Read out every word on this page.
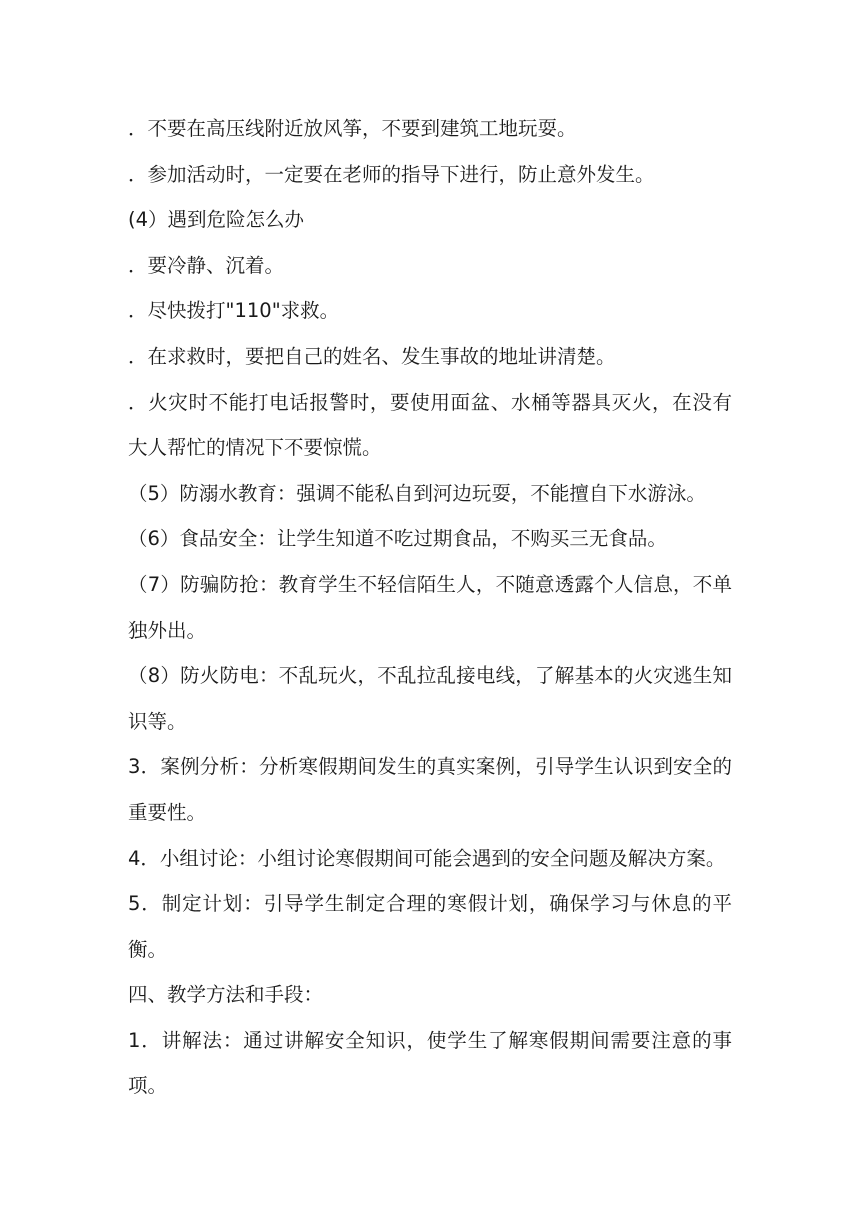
．不要在高压线附近放风筝，不要到建筑工地玩耍。

．参加活动时，一定要在老师的指导下进行，防止意外发生。

(4）遇到危险怎么办

．要冷静、沉着。

．尽快拨打"110"求救。

．在求救时，要把自己的姓名、发生事故的地址讲清楚。

．火灾时不能打电话报警时，要使用面盆、水桶等器具灭火，在没有大人帮忙的情况下不要惊慌。

（5）防溺水教育：强调不能私自到河边玩耍，不能擅自下水游泳。

（6）食品安全：让学生知道不吃过期食品，不购买三无食品。

（7）防骗防抢：教育学生不轻信陌生人，不随意透露个人信息，不单独外出。

（8）防火防电：不乱玩火，不乱拉乱接电线，了解基本的火灾逃生知识等。

3．案例分析：分析寒假期间发生的真实案例，引导学生认识到安全的重要性。

4．小组讨论：小组讨论寒假期间可能会遇到的安全问题及解决方案。

5．制定计划：引导学生制定合理的寒假计划，确保学习与休息的平衡。

四、教学方法和手段：

1．讲解法：通过讲解安全知识，使学生了解寒假期间需要注意的事项。
